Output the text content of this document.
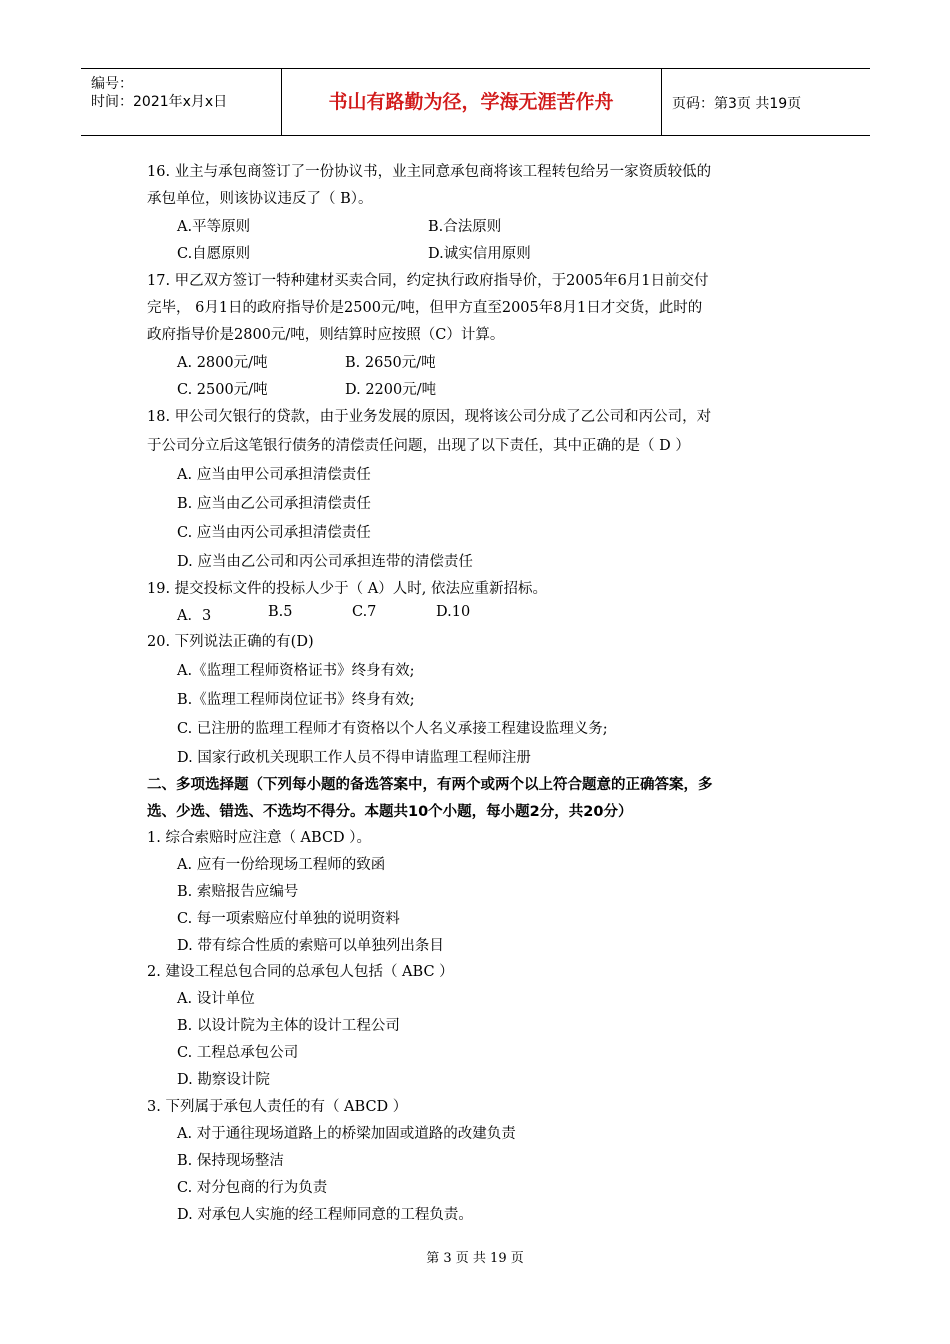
编号：
时间：2021年x月x日	书山有路勤为径，学海无涯苦作舟	页码：第3页 共19页
16. 业主与承包商签订了一份协议书，业主同意承包商将该工程转包给另一家资质较低的
承包单位，则该协议违反了（ B）。
A.平等原则	B.合法原则
C.自愿原则	D.诚实信用原则
17. 甲乙双方签订一特种建材买卖合同，约定执行政府指导价，于2005年6月1日前交付
完毕， 6月1日的政府指导价是2500元/吨，但甲方直至2005年8月1日才交货，此时的
政府指导价是2800元/吨，则结算时应按照（C）计算。
A. 2800元/吨	B. 2650元/吨
C. 2500元/吨	D. 2200元/吨
18. 甲公司欠银行的贷款，由于业务发展的原因，现将该公司分成了乙公司和丙公司，对
于公司分立后这笔银行债务的清偿责任问题，出现了以下责任，其中正确的是（ D ）
A. 应当由甲公司承担清偿责任
B. 应当由乙公司承担清偿责任
C. 应当由丙公司承担清偿责任
D. 应当由乙公司和丙公司承担连带的清偿责任
19. 提交投标文件的投标人少于（ A）人时, 依法应重新招标。
A．3	B.5	C.7	D.10
20. 下列说法正确的有(D)
A.《监理工程师资格证书》终身有效;
B.《监理工程师岗位证书》终身有效;
C. 已注册的监理工程师才有资格以个人名义承接工程建设监理义务;
D. 国家行政机关现职工作人员不得申请监理工程师注册
二、多项选择题（下列每小题的备选答案中，有两个或两个以上符合题意的正确答案，多
选、少选、错选、不选均不得分。本题共10个小题，每小题2分，共20分）
1. 综合索赔时应注意（ ABCD ）。
A. 应有一份给现场工程师的致函
B. 索赔报告应编号
C. 每一项索赔应付单独的说明资料
D. 带有综合性质的索赔可以单独列出条目
2. 建设工程总包合同的总承包人包括（ ABC ）
A. 设计单位
B. 以设计院为主体的设计工程公司
C. 工程总承包公司
D. 勘察设计院
3. 下列属于承包人责任的有（ ABCD ）
A. 对于通往现场道路上的桥梁加固或道路的改建负责
B. 保持现场整洁
C. 对分包商的行为负责
D. 对承包人实施的经工程师同意的工程负责。
第 3 页 共 19 页
